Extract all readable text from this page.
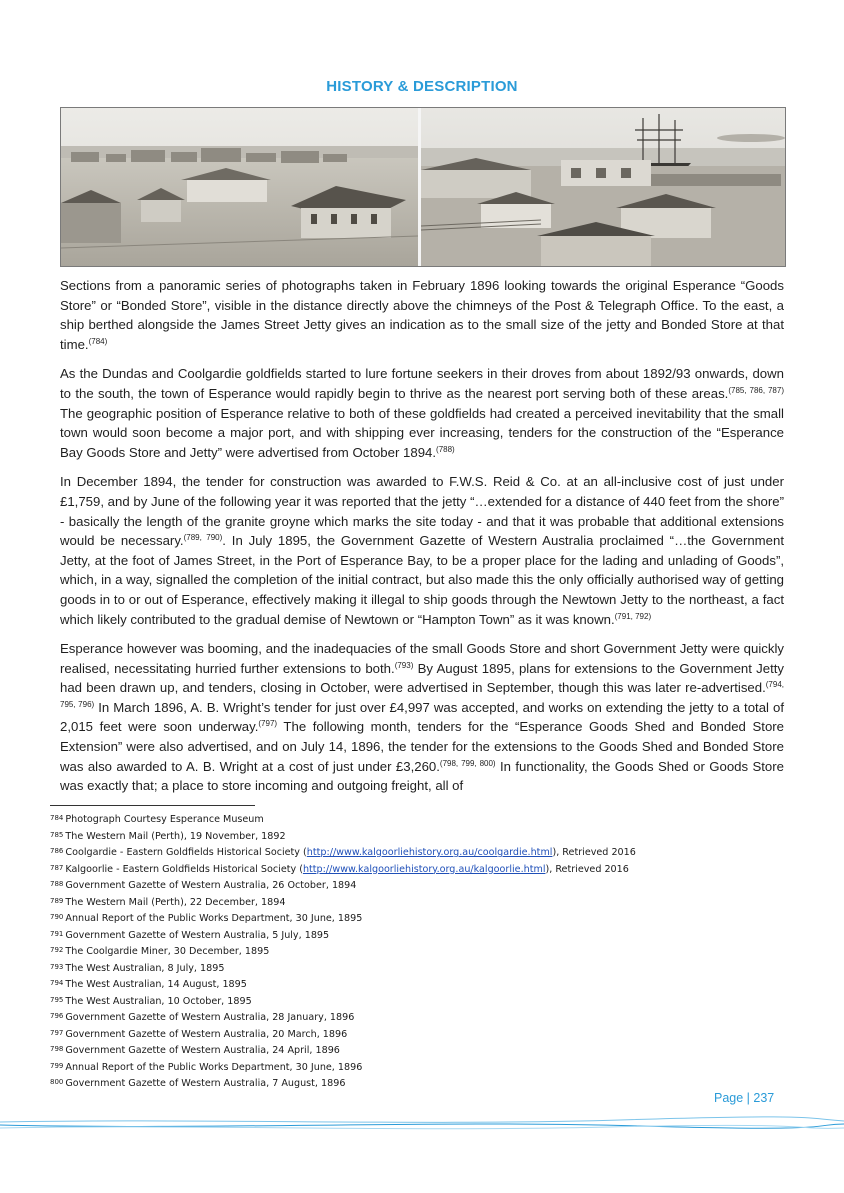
HISTORY & DESCRIPTION

Sections from a panoramic series of photographs taken in February 1896 looking towards the original Esperance “Goods Store” or “Bonded Store”, visible in the distance directly above the chimneys of the Post & Telegraph Office. To the east, a ship berthed alongside the James Street Jetty gives an indication as to the small size of the jetty and Bonded Store at that time.$^{(784)}$

As the Dundas and Coolgardie goldfields started to lure fortune seekers in their droves from about 1892/93 onwards, down to the south, the town of Esperance would rapidly begin to thrive as the nearest port serving both of these areas.$^{(785, 786, 787)}$ The geographic position of Esperance relative to both of these goldfields had created a perceived inevitability that the small town would soon become a major port, and with shipping ever increasing, tenders for the construction of the “Esperance Bay Goods Store and Jetty” were advertised from October 1894.$^{(788)}$

In December 1894, the tender for construction was awarded to F.W.S. Reid & Co. at an all-inclusive cost of just under £1,759, and by June of the following year it was reported that the jetty “…extended for a distance of 440 feet from the shore” - basically the length of the granite groyne which marks the site today - and that it was probable that additional extensions would be necessary.$^{(789, 790)}$. In July 1895, the Government Gazette of Western Australia proclaimed “…the Government Jetty, at the foot of James Street, in the Port of Esperance Bay, to be a proper place for the lading and unlading of Goods”, which, in a way, signalled the completion of the initial contract, but also made this the only officially authorised way of getting goods in to or out of Esperance, effectively making it illegal to ship goods through the Newtown Jetty to the northeast, a fact which likely contributed to the gradual demise of Newtown or “Hampton Town” as it was known.$^{(791, 792)}$

Esperance however was booming, and the inadequacies of the small Goods Store and short Government Jetty were quickly realised, necessitating hurried further extensions to both.$^{(793)}$ By August 1895, plans for extensions to the Government Jetty had been drawn up, and tenders, closing in October, were advertised in September, though this was later re-advertised.$^{(794, 795, 796)}$ In March 1896, A. B. Wright’s tender for just over £4,997 was accepted, and works on extending the jetty to a total of 2,015 feet were soon underway.$^{(797)}$ The following month, tenders for the “Esperance Goods Shed and Bonded Store Extension” were also advertised, and on July 14, 1896, the tender for the extensions to the Goods Shed and Bonded Store was also awarded to A. B. Wright at a cost of just under £3,260.$^{(798, 799, 800)}$ In functionality, the Goods Shed or Goods Store was exactly that; a place to store incoming and outgoing freight, all of

$^{784}$ Photograph Courtesy Esperance Museum
$^{785}$ The Western Mail (Perth), 19 November, 1892
$^{786}$ Coolgardie - Eastern Goldfields Historical Society (http://www.kalgoorliehistory.org.au/coolgardie.html), Retrieved 2016
$^{787}$ Kalgoorlie - Eastern Goldfields Historical Society (http://www.kalgoorliehistory.org.au/kalgoorlie.html), Retrieved 2016
$^{788}$ Government Gazette of Western Australia, 26 October, 1894
$^{789}$ The Western Mail (Perth), 22 December, 1894
$^{790}$ Annual Report of the Public Works Department, 30 June, 1895
$^{791}$ Government Gazette of Western Australia, 5 July, 1895
$^{792}$ The Coolgardie Miner, 30 December, 1895
$^{793}$ The West Australian, 8 July, 1895
$^{794}$ The West Australian, 14 August, 1895
$^{795}$ The West Australian, 10 October, 1895
$^{796}$ Government Gazette of Western Australia, 28 January, 1896
$^{797}$ Government Gazette of Western Australia, 20 March, 1896
$^{798}$ Government Gazette of Western Australia, 24 April, 1896
$^{799}$ Annual Report of the Public Works Department, 30 June, 1896
$^{800}$ Government Gazette of Western Australia, 7 August, 1896
Page | 237
